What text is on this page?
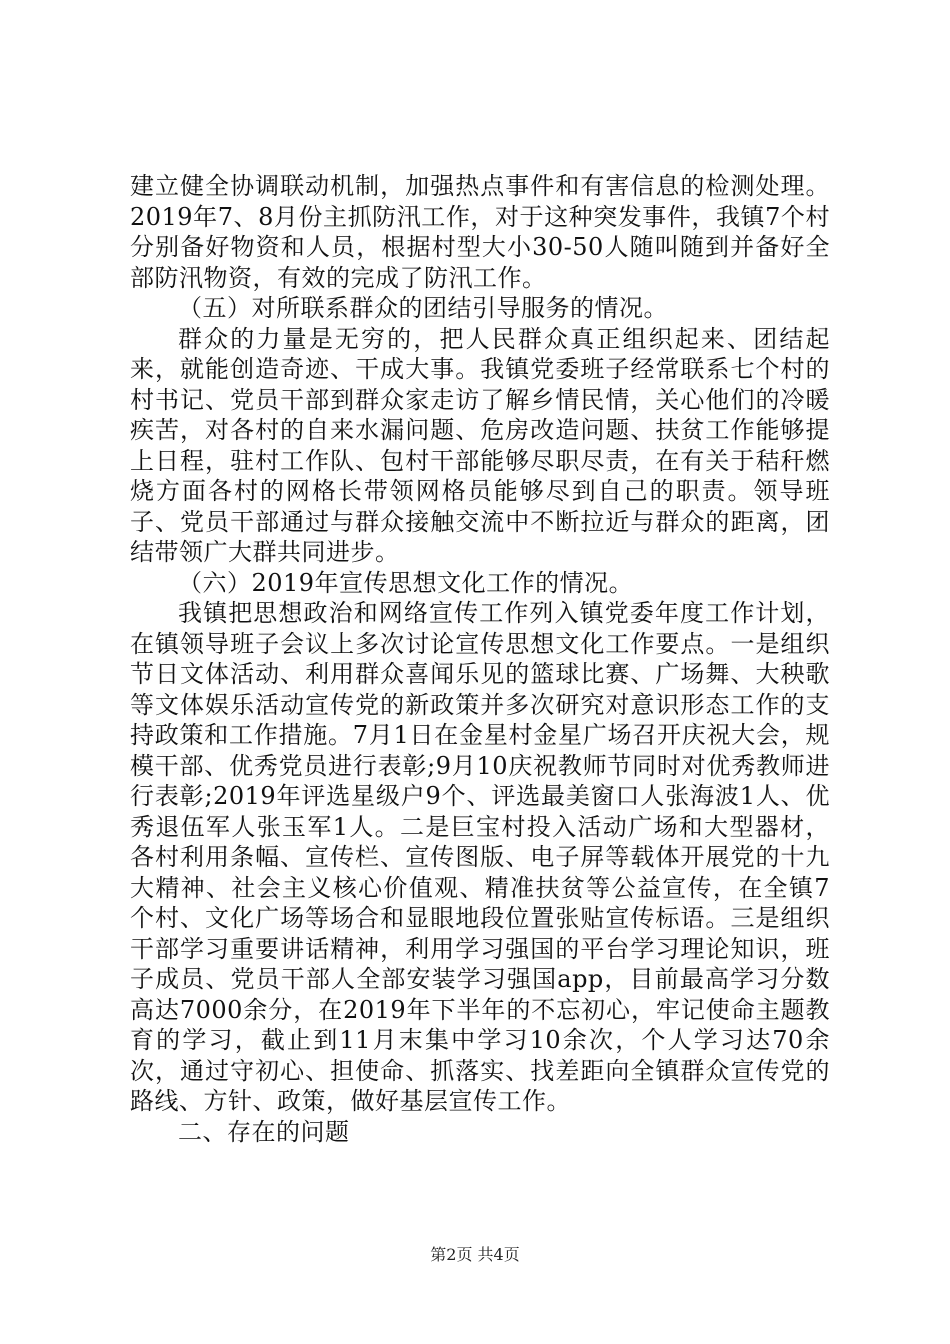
建立健全协调联动机制，加强热点事件和有害信息的检测处理。2019年7、8月份主抓防汛工作，对于这种突发事件，我镇7个村分别备好物资和人员，根据村型大小30-50人随叫随到并备好全部防汛物资，有效的完成了防汛工作。

（五）对所联系群众的团结引导服务的情况。

群众的力量是无穷的，把人民群众真正组织起来、团结起来，就能创造奇迹、干成大事。我镇党委班子经常联系七个村的村书记、党员干部到群众家走访了解乡情民情，关心他们的冷暖疾苦，对各村的自来水漏问题、危房改造问题、扶贫工作能够提上日程，驻村工作队、包村干部能够尽职尽责，在有关于秸秆燃烧方面各村的网格长带领网格员能够尽到自己的职责。领导班子、党员干部通过与群众接触交流中不断拉近与群众的距离，团结带领广大群共同进步。

（六）2019年宣传思想文化工作的情况。

我镇把思想政治和网络宣传工作列入镇党委年度工作计划，在镇领导班子会议上多次讨论宣传思想文化工作要点。一是组织节日文体活动、利用群众喜闻乐见的篮球比赛、广场舞、大秧歌等文体娱乐活动宣传党的新政策并多次研究对意识形态工作的支持政策和工作措施。7月1日在金星村金星广场召开庆祝大会，规模干部、优秀党员进行表彰;9月10庆祝教师节同时对优秀教师进行表彰;2019年评选星级户9个、评选最美窗口人张海波1人、优秀退伍军人张玉军1人。二是巨宝村投入活动广场和大型器材，各村利用条幅、宣传栏、宣传图版、电子屏等载体开展党的十九大精神、社会主义核心价值观、精准扶贫等公益宣传，在全镇7个村、文化广场等场合和显眼地段位置张贴宣传标语。三是组织干部学习重要讲话精神，利用学习强国的平台学习理论知识，班子成员、党员干部人全部安装学习强国app，目前最高学习分数高达7000余分，在2019年下半年的不忘初心，牢记使命主题教育的学习，截止到11月末集中学习10余次，个人学习达70余次，通过守初心、担使命、抓落实、找差距向全镇群众宣传党的路线、方针、政策，做好基层宣传工作。

二、存在的问题

第2页 共4页
